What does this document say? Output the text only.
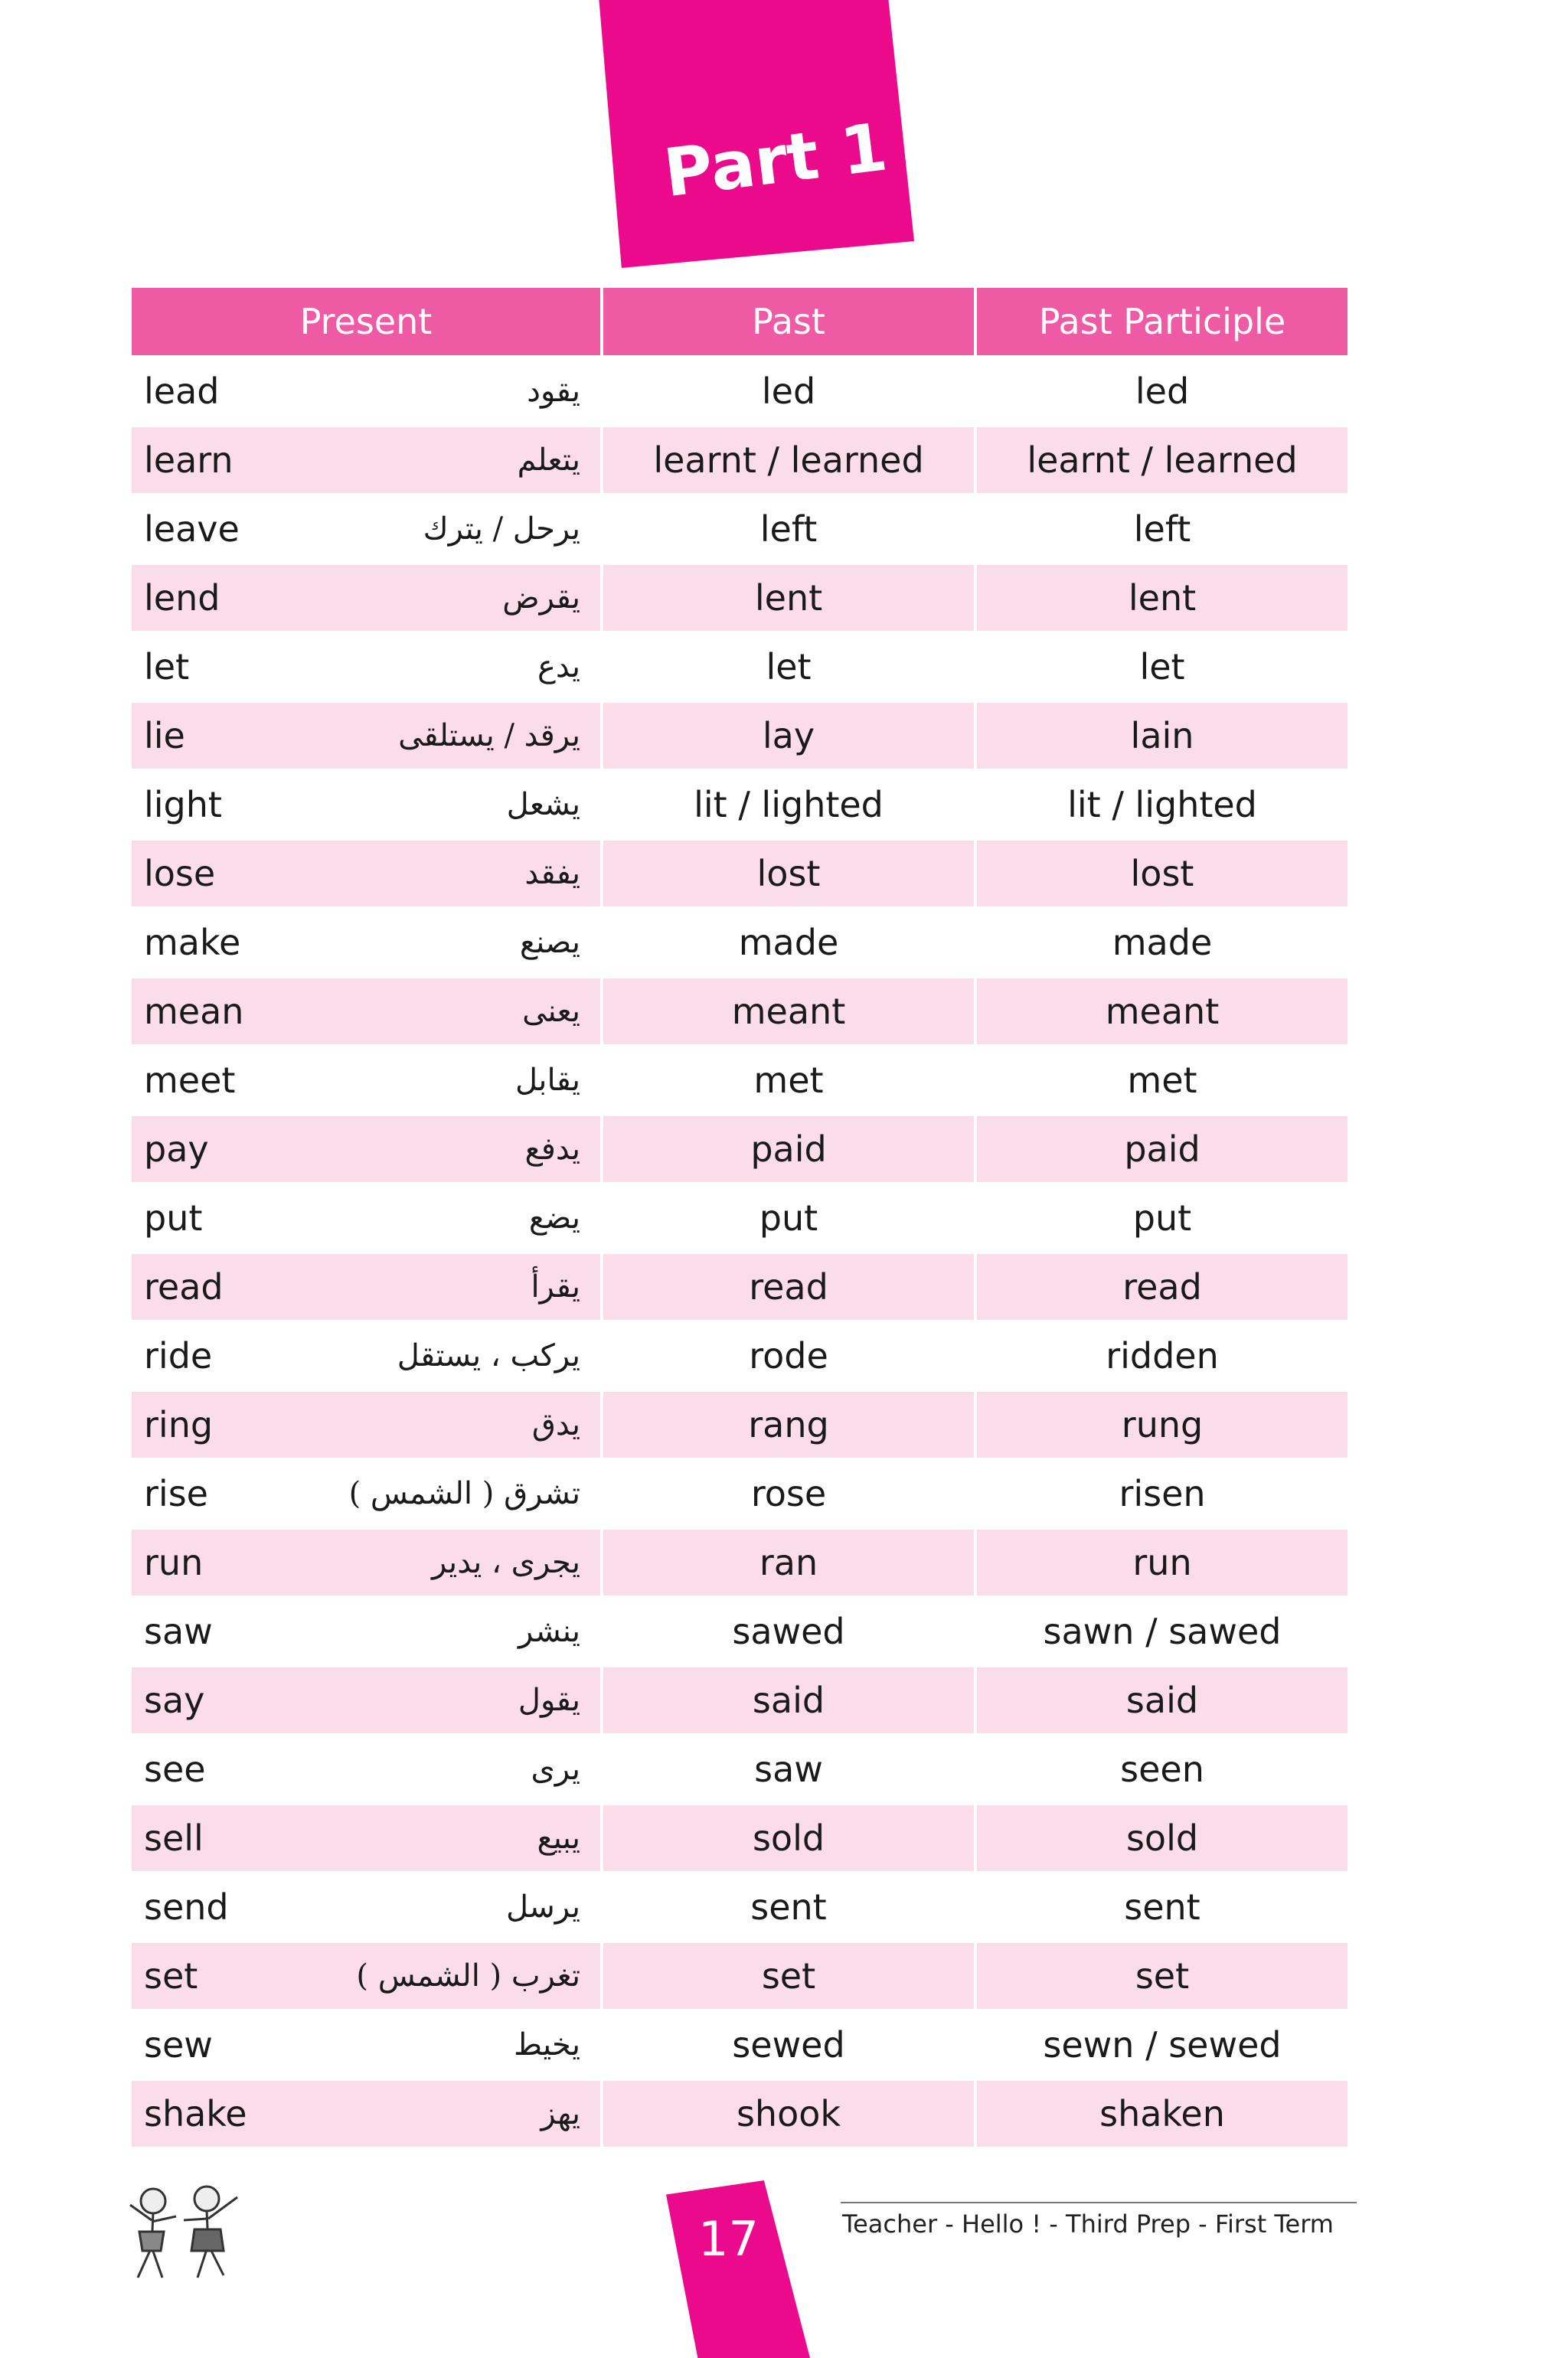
Part 1
Present	Past	Past Participle

lead يقود	led	led

learn يتعلم	learnt / learned	learnt / learned

leave يرحل / يترك	left	left

lend يقرض	lent	lent

let يدع	let	let

lie يرقد / يستلقى	lay	lain

light يشعل	lit / lighted	lit / lighted

lose يفقد	lost	lost

make يصنع	made	made

mean يعنى	meant	meant

meet يقابل	met	met

pay يدفع	paid	paid

put يضع	put	put

read يقرأ	read	read

ride يركب ، يستقل	rode	ridden

ring يدق	rang	rung

rise تشرق ( الشمس )	rose	risen

run يجرى ، يدير	ran	run

saw ينشر	sawed	sawn / sawed

say يقول	said	said

see يرى	saw	seen

sell يبيع	sold	sold

send يرسل	sent	sent

set تغرب ( الشمس )	set	set

sew يخيط	sewed	sewn / sewed

shake يهز	shook	shaken
17	Teacher - Hello ! - Third Prep - First Term
